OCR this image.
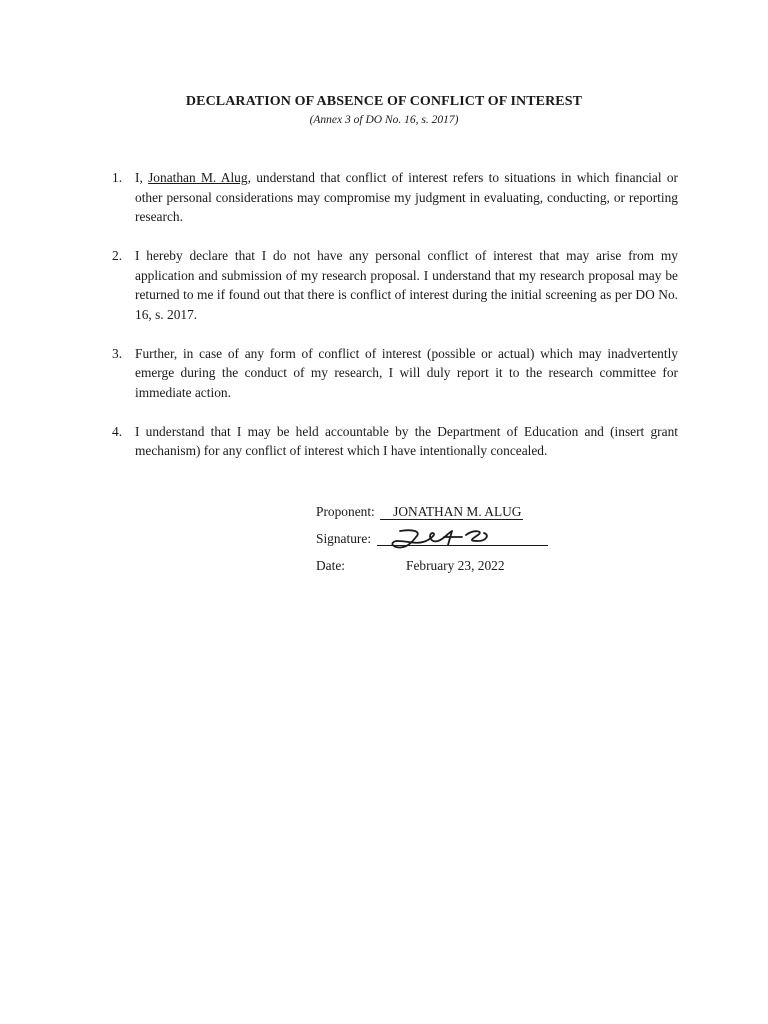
DECLARATION OF ABSENCE OF CONFLICT OF INTEREST
(Annex 3 of DO No. 16, s. 2017)
1. I, Jonathan M. Alug, understand that conflict of interest refers to situations in which financial or other personal considerations may compromise my judgment in evaluating, conducting, or reporting research.
2. I hereby declare that I do not have any personal conflict of interest that may arise from my application and submission of my research proposal. I understand that my research proposal may be returned to me if found out that there is conflict of interest during the initial screening as per DO No. 16, s. 2017.
3. Further, in case of any form of conflict of interest (possible or actual) which may inadvertently emerge during the conduct of my research, I will duly report it to the research committee for immediate action.
4. I understand that I may be held accountable by the Department of Education and (insert grant mechanism) for any conflict of interest which I have intentionally concealed.
Proponent: JONATHAN M. ALUG
Signature:
Date:	February 23, 2022
